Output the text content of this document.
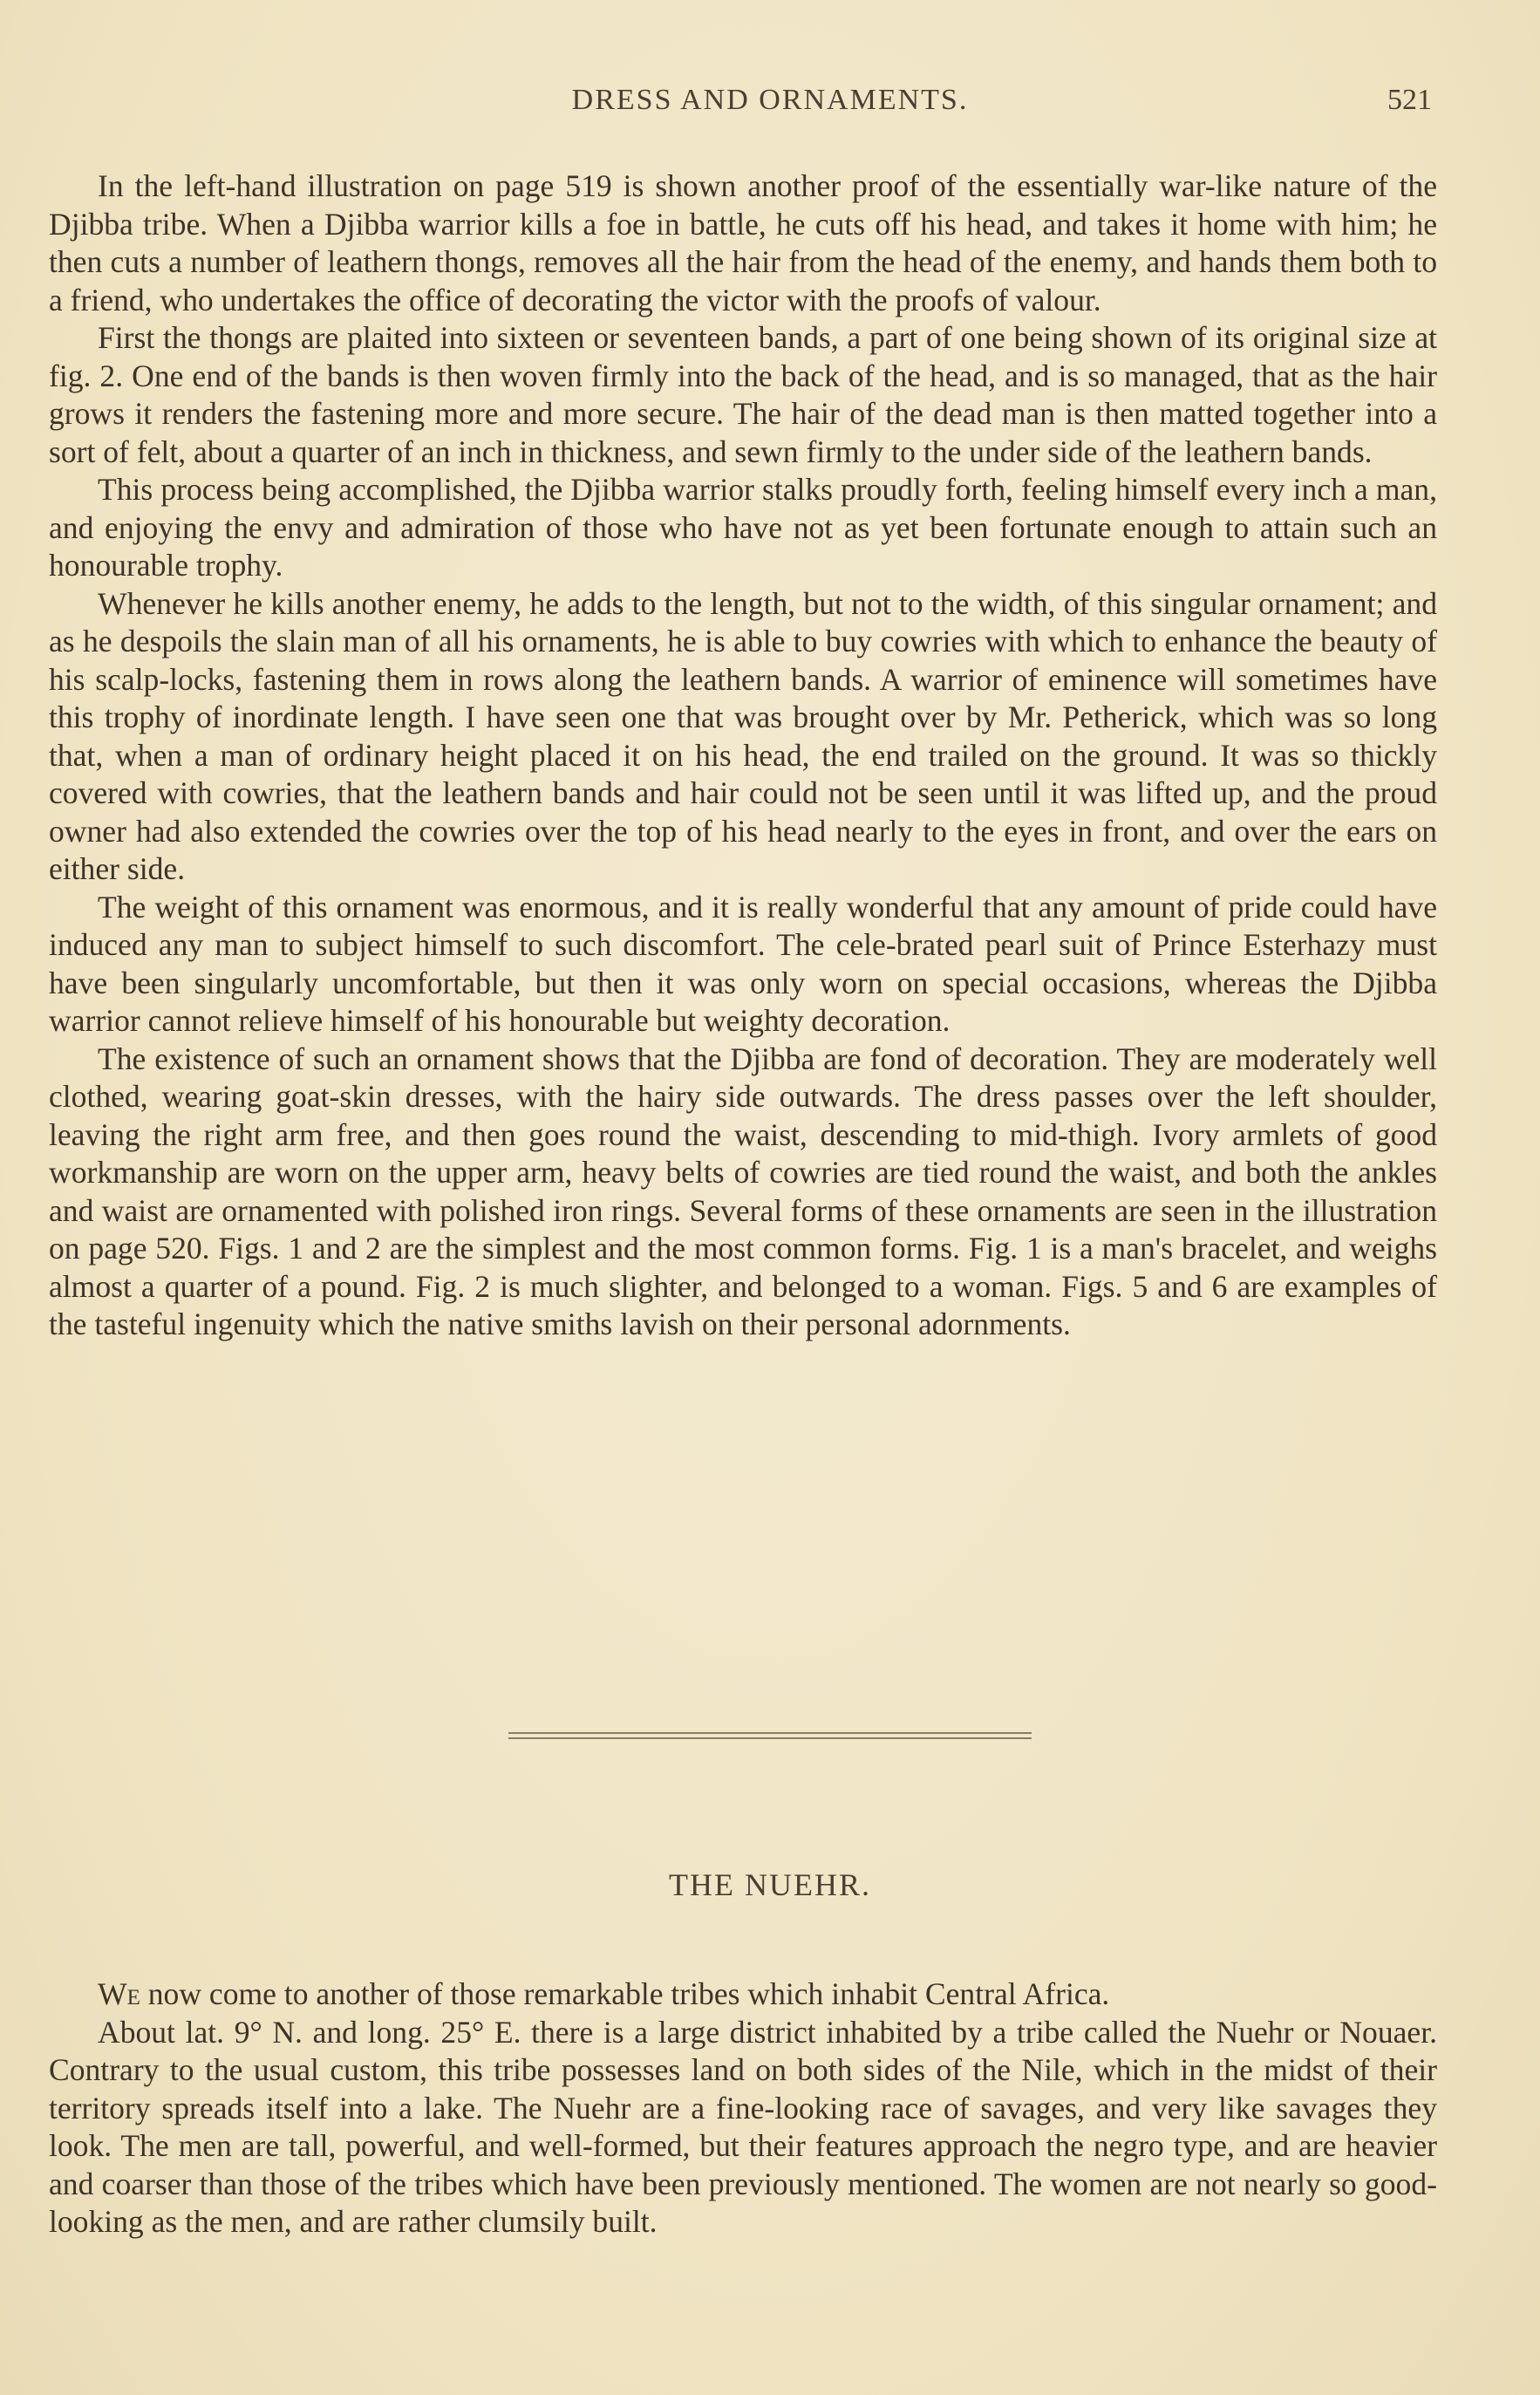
DRESS AND ORNAMENTS.	521

In the left-hand illustration on page 519 is shown another proof of the essentially war-like nature of the Djibba tribe. When a Djibba warrior kills a foe in battle, he cuts off his head, and takes it home with him; he then cuts a number of leathern thongs, removes all the hair from the head of the enemy, and hands them both to a friend, who undertakes the office of decorating the victor with the proofs of valour.

First the thongs are plaited into sixteen or seventeen bands, a part of one being shown of its original size at fig. 2. One end of the bands is then woven firmly into the back of the head, and is so managed, that as the hair grows it renders the fastening more and more secure. The hair of the dead man is then matted together into a sort of felt, about a quarter of an inch in thickness, and sewn firmly to the under side of the leathern bands.

This process being accomplished, the Djibba warrior stalks proudly forth, feeling himself every inch a man, and enjoying the envy and admiration of those who have not as yet been fortunate enough to attain such an honourable trophy.

Whenever he kills another enemy, he adds to the length, but not to the width, of this singular ornament; and as he despoils the slain man of all his ornaments, he is able to buy cowries with which to enhance the beauty of his scalp-locks, fastening them in rows along the leathern bands. A warrior of eminence will sometimes have this trophy of inordinate length. I have seen one that was brought over by Mr. Petherick, which was so long that, when a man of ordinary height placed it on his head, the end trailed on the ground. It was so thickly covered with cowries, that the leathern bands and hair could not be seen until it was lifted up, and the proud owner had also extended the cowries over the top of his head nearly to the eyes in front, and over the ears on either side.

The weight of this ornament was enormous, and it is really wonderful that any amount of pride could have induced any man to subject himself to such discomfort. The cele-brated pearl suit of Prince Esterhazy must have been singularly uncomfortable, but then it was only worn on special occasions, whereas the Djibba warrior cannot relieve himself of his honourable but weighty decoration.

The existence of such an ornament shows that the Djibba are fond of decoration. They are moderately well clothed, wearing goat-skin dresses, with the hairy side outwards. The dress passes over the left shoulder, leaving the right arm free, and then goes round the waist, descending to mid-thigh. Ivory armlets of good workmanship are worn on the upper arm, heavy belts of cowries are tied round the waist, and both the ankles and waist are ornamented with polished iron rings. Several forms of these ornaments are seen in the illustration on page 520. Figs. 1 and 2 are the simplest and the most common forms. Fig. 1 is a man's bracelet, and weighs almost a quarter of a pound. Fig. 2 is much slighter, and belonged to a woman. Figs. 5 and 6 are examples of the tasteful ingenuity which the native smiths lavish on their personal adornments.

THE NUEHR.

We now come to another of those remarkable tribes which inhabit Central Africa.

About lat. 9° N. and long. 25° E. there is a large district inhabited by a tribe called the Nuehr or Nouaer. Contrary to the usual custom, this tribe possesses land on both sides of the Nile, which in the midst of their territory spreads itself into a lake. The Nuehr are a fine-looking race of savages, and very like savages they look. The men are tall, powerful, and well-formed, but their features approach the negro type, and are heavier and coarser than those of the tribes which have been previously mentioned. The women are not nearly so good-looking as the men, and are rather clumsily built.
